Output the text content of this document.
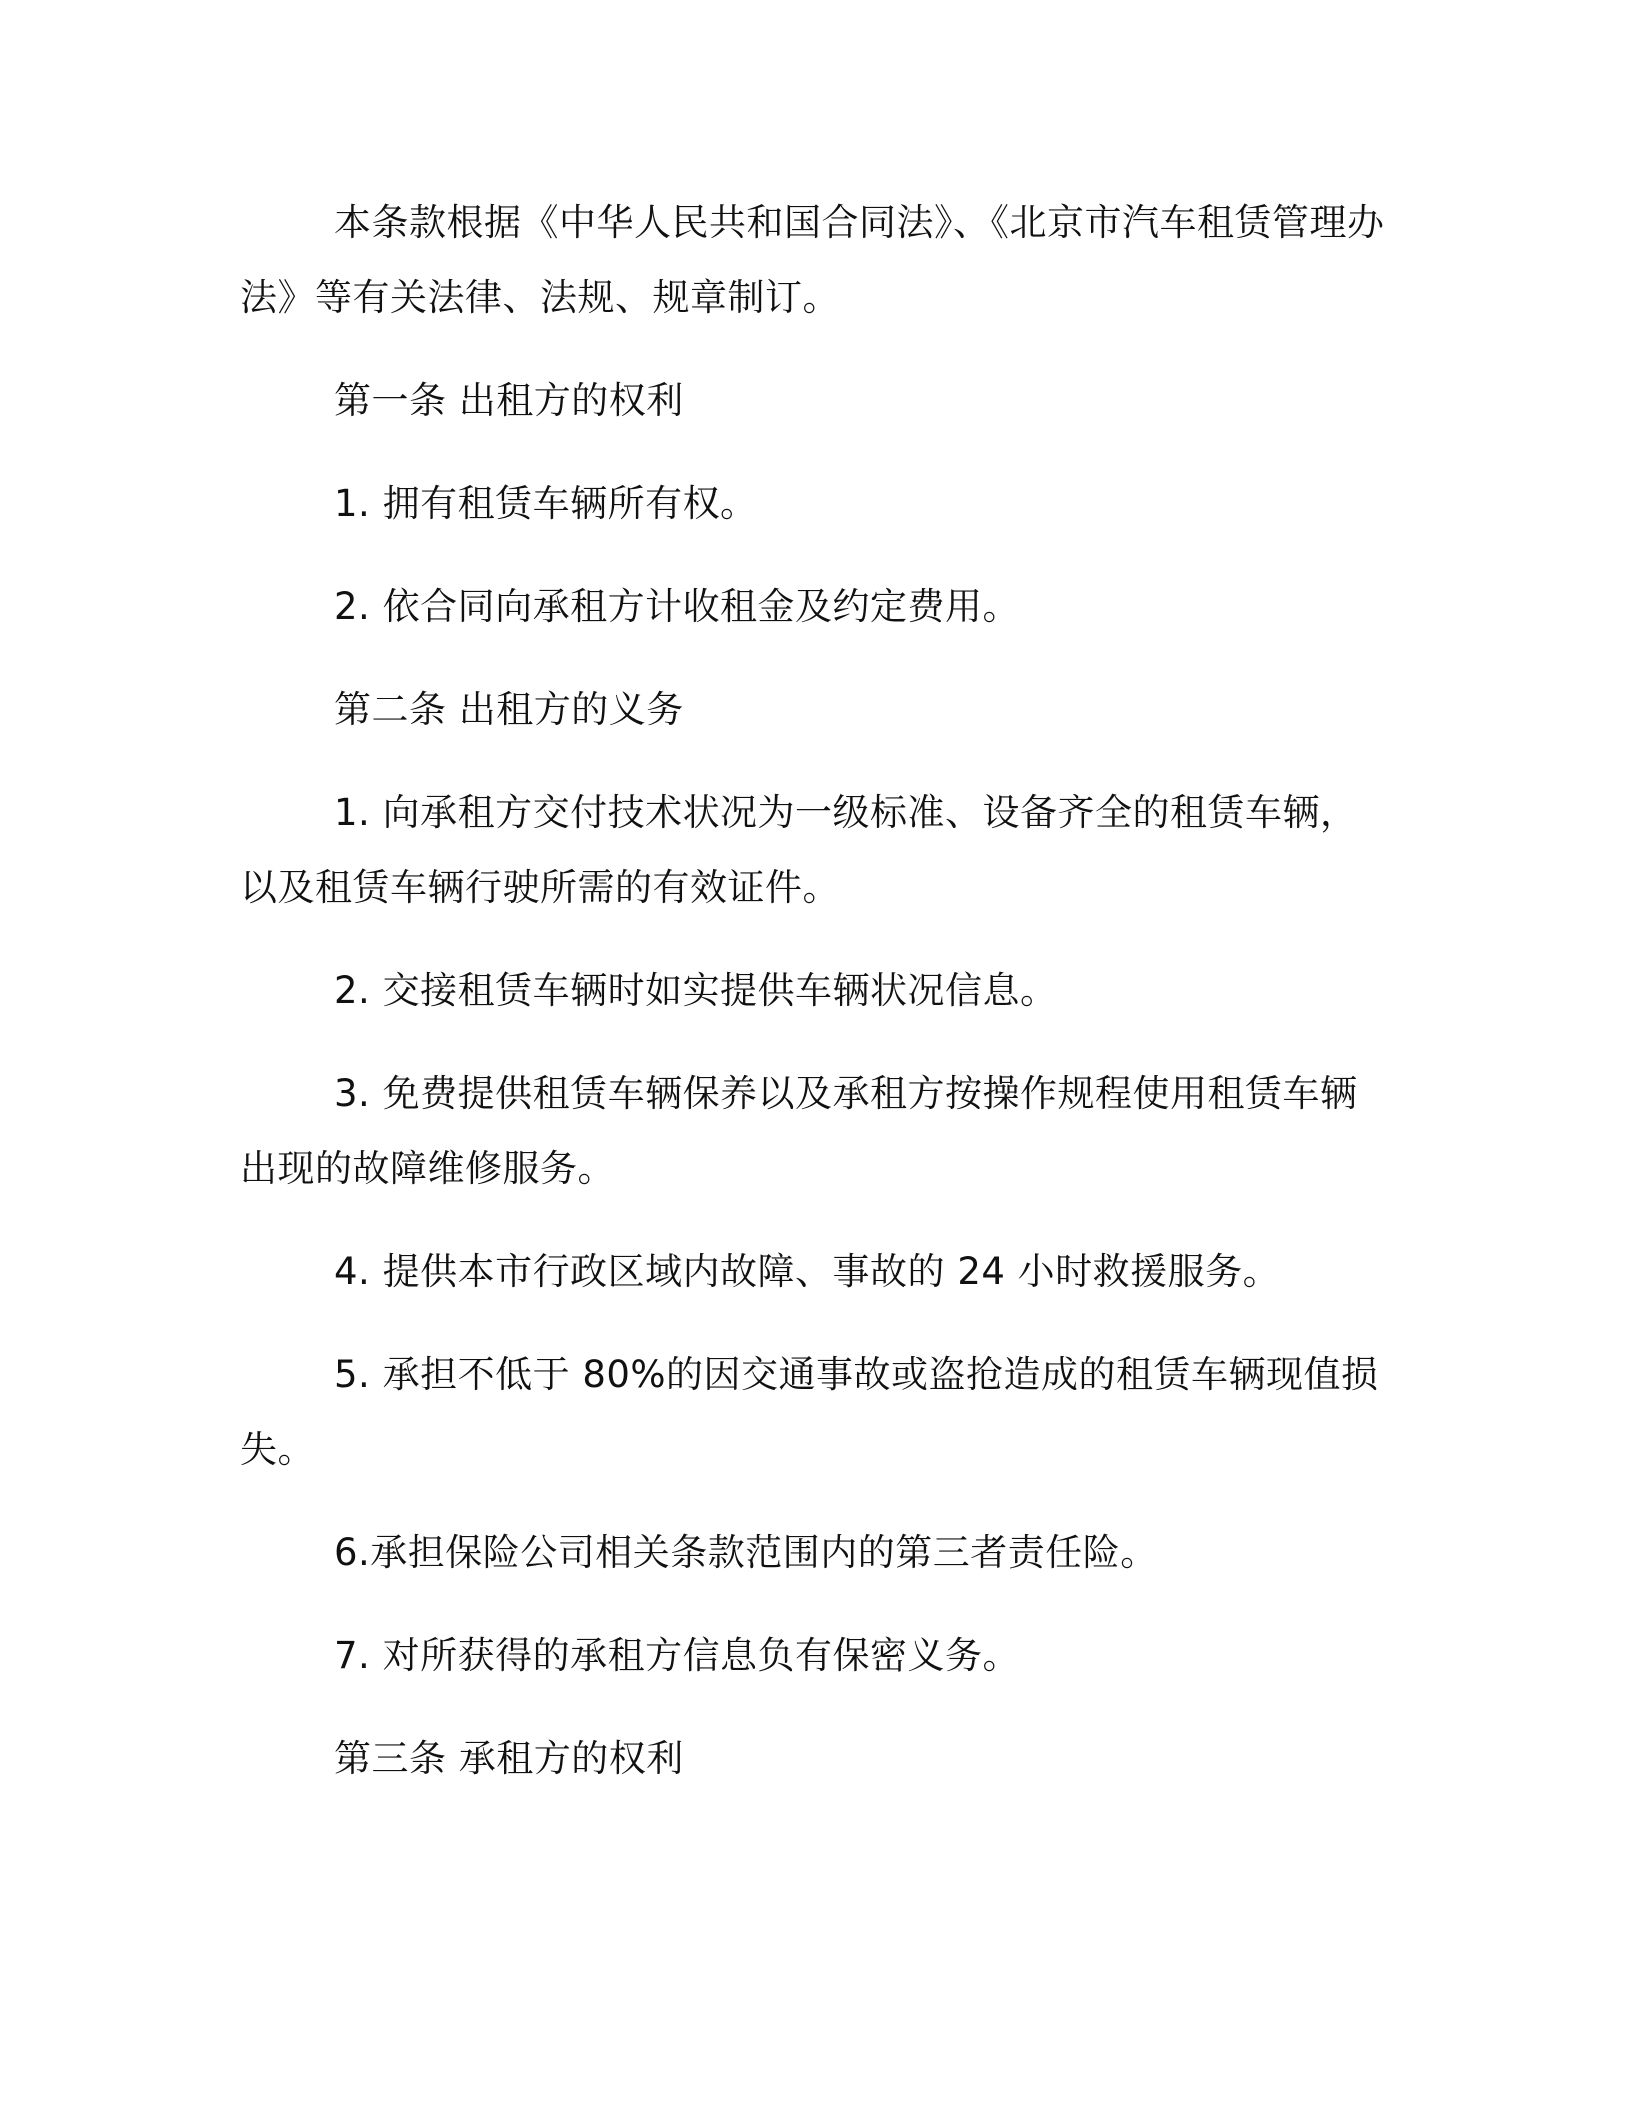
本条款根据《中华人民共和国合同法》、《北京市汽车租赁管理办法》等有关法律、法规、规章制订。

第一条 出租方的权利

1. 拥有租赁车辆所有权。

2. 依合同向承租方计收租金及约定费用。

第二条 出租方的义务

1. 向承租方交付技术状况为一级标准、设备齐全的租赁车辆，以及租赁车辆行驶所需的有效证件。

2. 交接租赁车辆时如实提供车辆状况信息。

3. 免费提供租赁车辆保养以及承租方按操作规程使用租赁车辆出现的故障维修服务。

4. 提供本市行政区域内故障、事故的 24 小时救援服务。

5. 承担不低于 80%的因交通事故或盗抢造成的租赁车辆现值损失。

6.承担保险公司相关条款范围内的第三者责任险。

7. 对所获得的承租方信息负有保密义务。

第三条 承租方的权利
